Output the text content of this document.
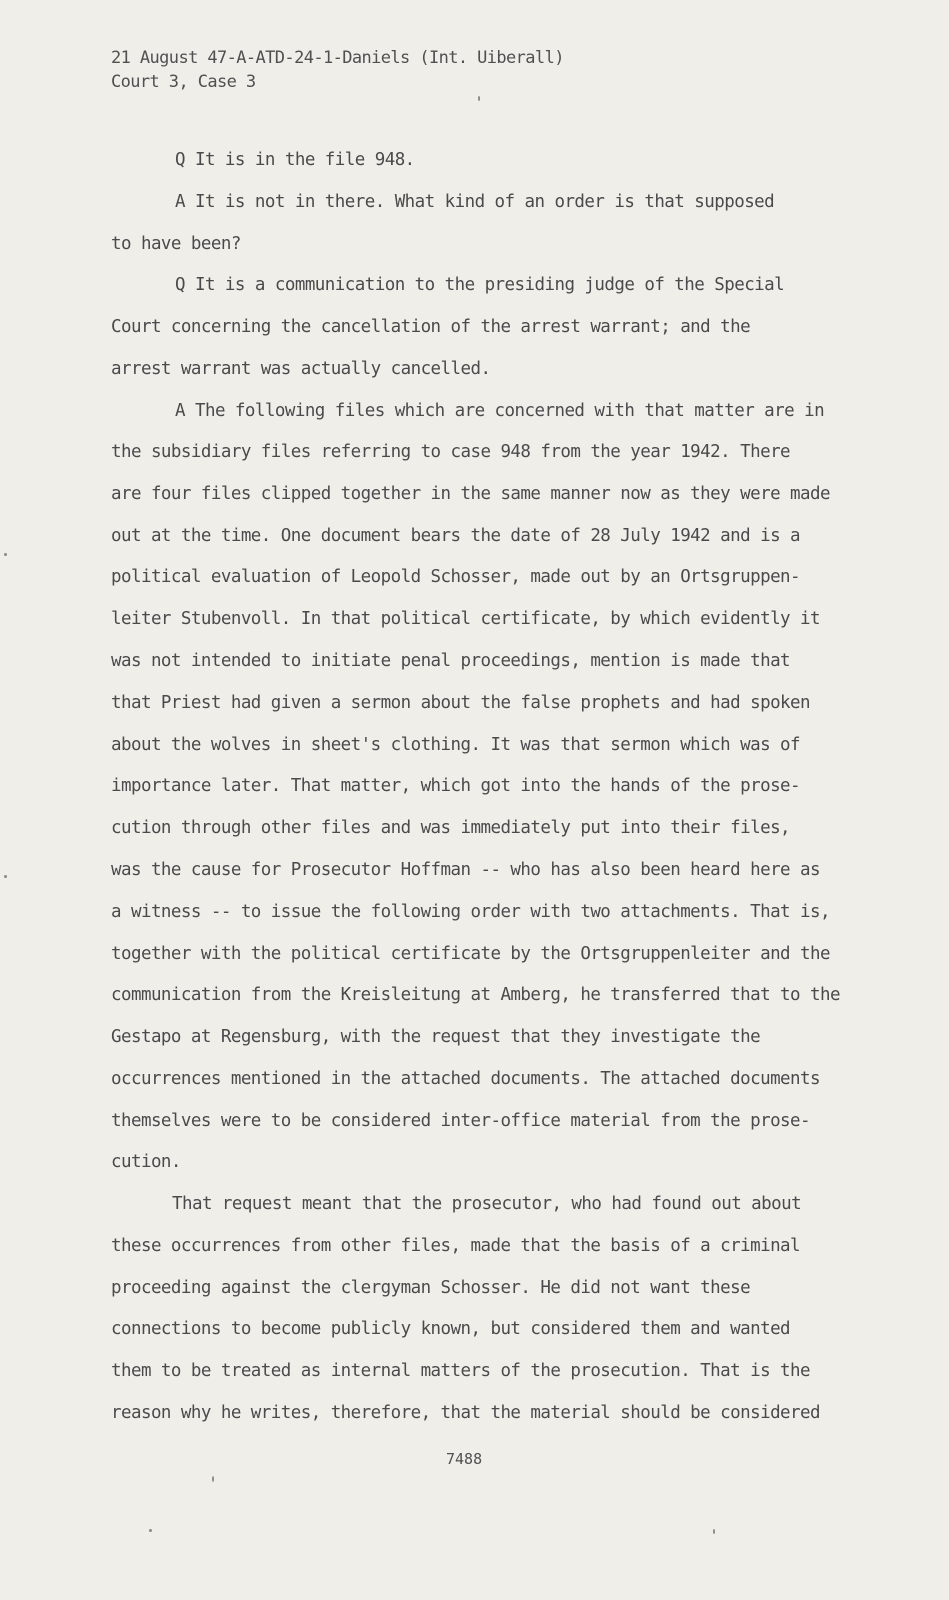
21 August 47-A-ATD-24-1-Daniels (Int. Uiberall)
Court 3, Case 3
Q It is in the file 948.
A It is not in there. What kind of an order is that supposed
to have been?
Q It is a communication to the presiding judge of the Special
Court concerning the cancellation of the arrest warrant; and the
arrest warrant was actually cancelled.
A The following files which are concerned with that matter are in
the subsidiary files referring to case 948 from the year 1942. There
are four files clipped together in the same manner now as they were made
out at the time. One document bears the date of 28 July 1942 and is a
political evaluation of Leopold Schosser, made out by an Ortsgruppen-
leiter Stubenvoll. In that political certificate, by which evidently it
was not intended to initiate penal proceedings, mention is made that
that Priest had given a sermon about the false prophets and had spoken
about the wolves in sheet's clothing. It was that sermon which was of
importance later. That matter, which got into the hands of the prose-
cution through other files and was immediately put into their files,
was the cause for Prosecutor Hoffman -- who has also been heard here as
a witness -- to issue the following order with two attachments. That is,
together with the political certificate by the Ortsgruppenleiter and the
communication from the Kreisleitung at Amberg, he transferred that to the
Gestapo at Regensburg, with the request that they investigate the
occurrences mentioned in the attached documents. The attached documents
themselves were to be considered inter-office material from the prose-
cution.
That request meant that the prosecutor, who had found out about
these occurrences from other files, made that the basis of a criminal
proceeding against the clergyman Schosser. He did not want these
connections to become publicly known, but considered them and wanted
them to be treated as internal matters of the prosecution. That is the
reason why he writes, therefore, that the material should be considered
7488
